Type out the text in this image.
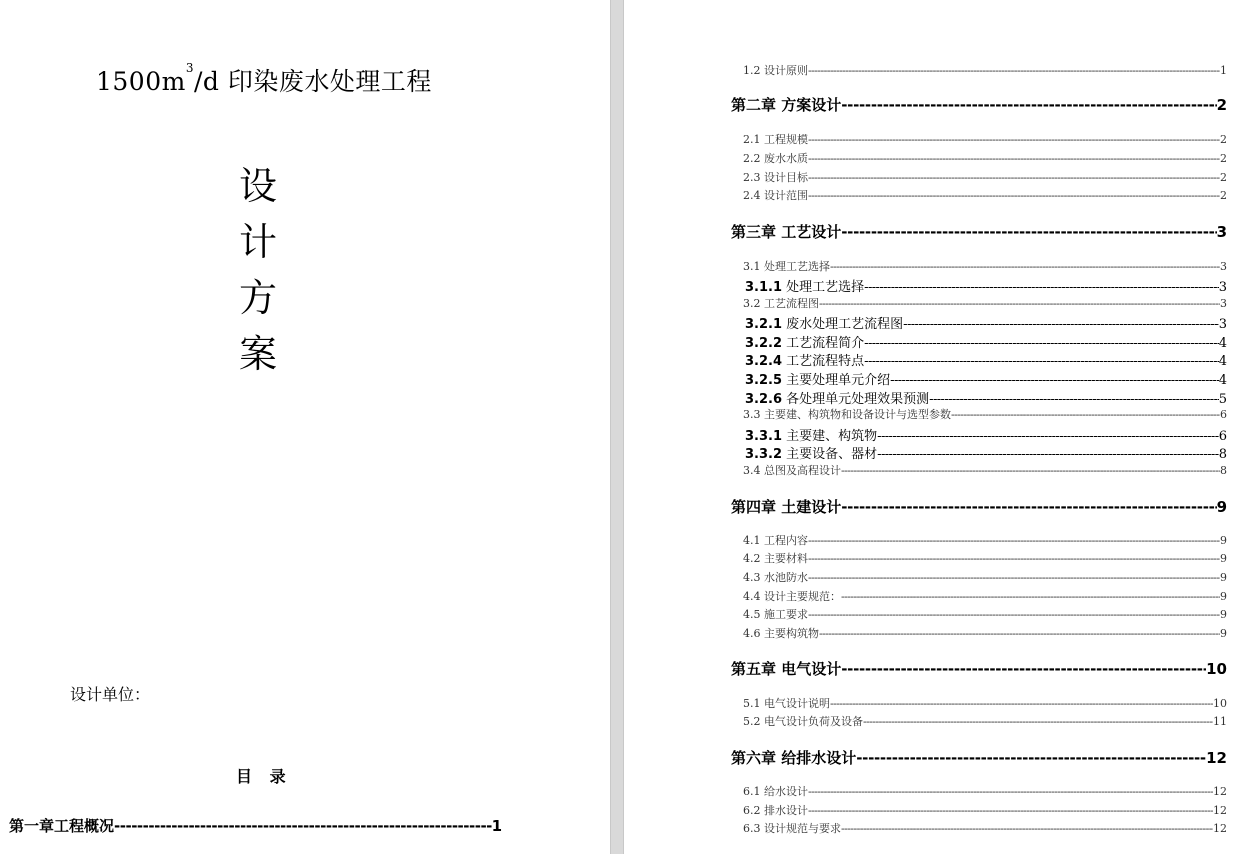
$1500m^3/d$ 印染废水处理工程
设
计
方
案
设计单位：
目 录
第一章工程概况 -----	1
1.2 设计原则 -----	1
第二章 方案设计 -----	2
2.1 工程规模 -----	2
2.2 废水水质 -----	2
2.3 设计目标 -----	2
2.4 设计范围 -----	2
第三章 工艺设计 -----	3
3.1 处理工艺选择 -----	3
3.1.1 处理工艺选择 -----	3
3.2 工艺流程图 -----	3
3.2.1 废水处理工艺流程图 -----	3
3.2.2 工艺流程简介 -----	4
3.2.4 工艺流程特点 -----	4
3.2.5 主要处理单元介绍 -----	4
3.2.6 各处理单元处理效果预测 -----	5
3.3 主要建、构筑物和设备设计与选型参数 -----	6
3.3.1 主要建、构筑物 -----	6
3.3.2 主要设备、器材 -----	8
3.4 总图及高程设计 -----	8
第四章 土建设计 -----	9
4.1 工程内容 -----	9
4.2 主要材料 -----	9
4.3 水池防水 -----	9
4.4 设计主要规范： -----	9
4.5 施工要求 -----	9
4.6 主要构筑物 -----	9
第五章 电气设计 -----	10
5.1 电气设计说明 -----	10
5.2 电气设计负荷及设备 -----	11
第六章 给排水设计 -----	12
6.1 给水设计 -----	12
6.2 排水设计 -----	12
6.3 设计规范与要求 -----	12
